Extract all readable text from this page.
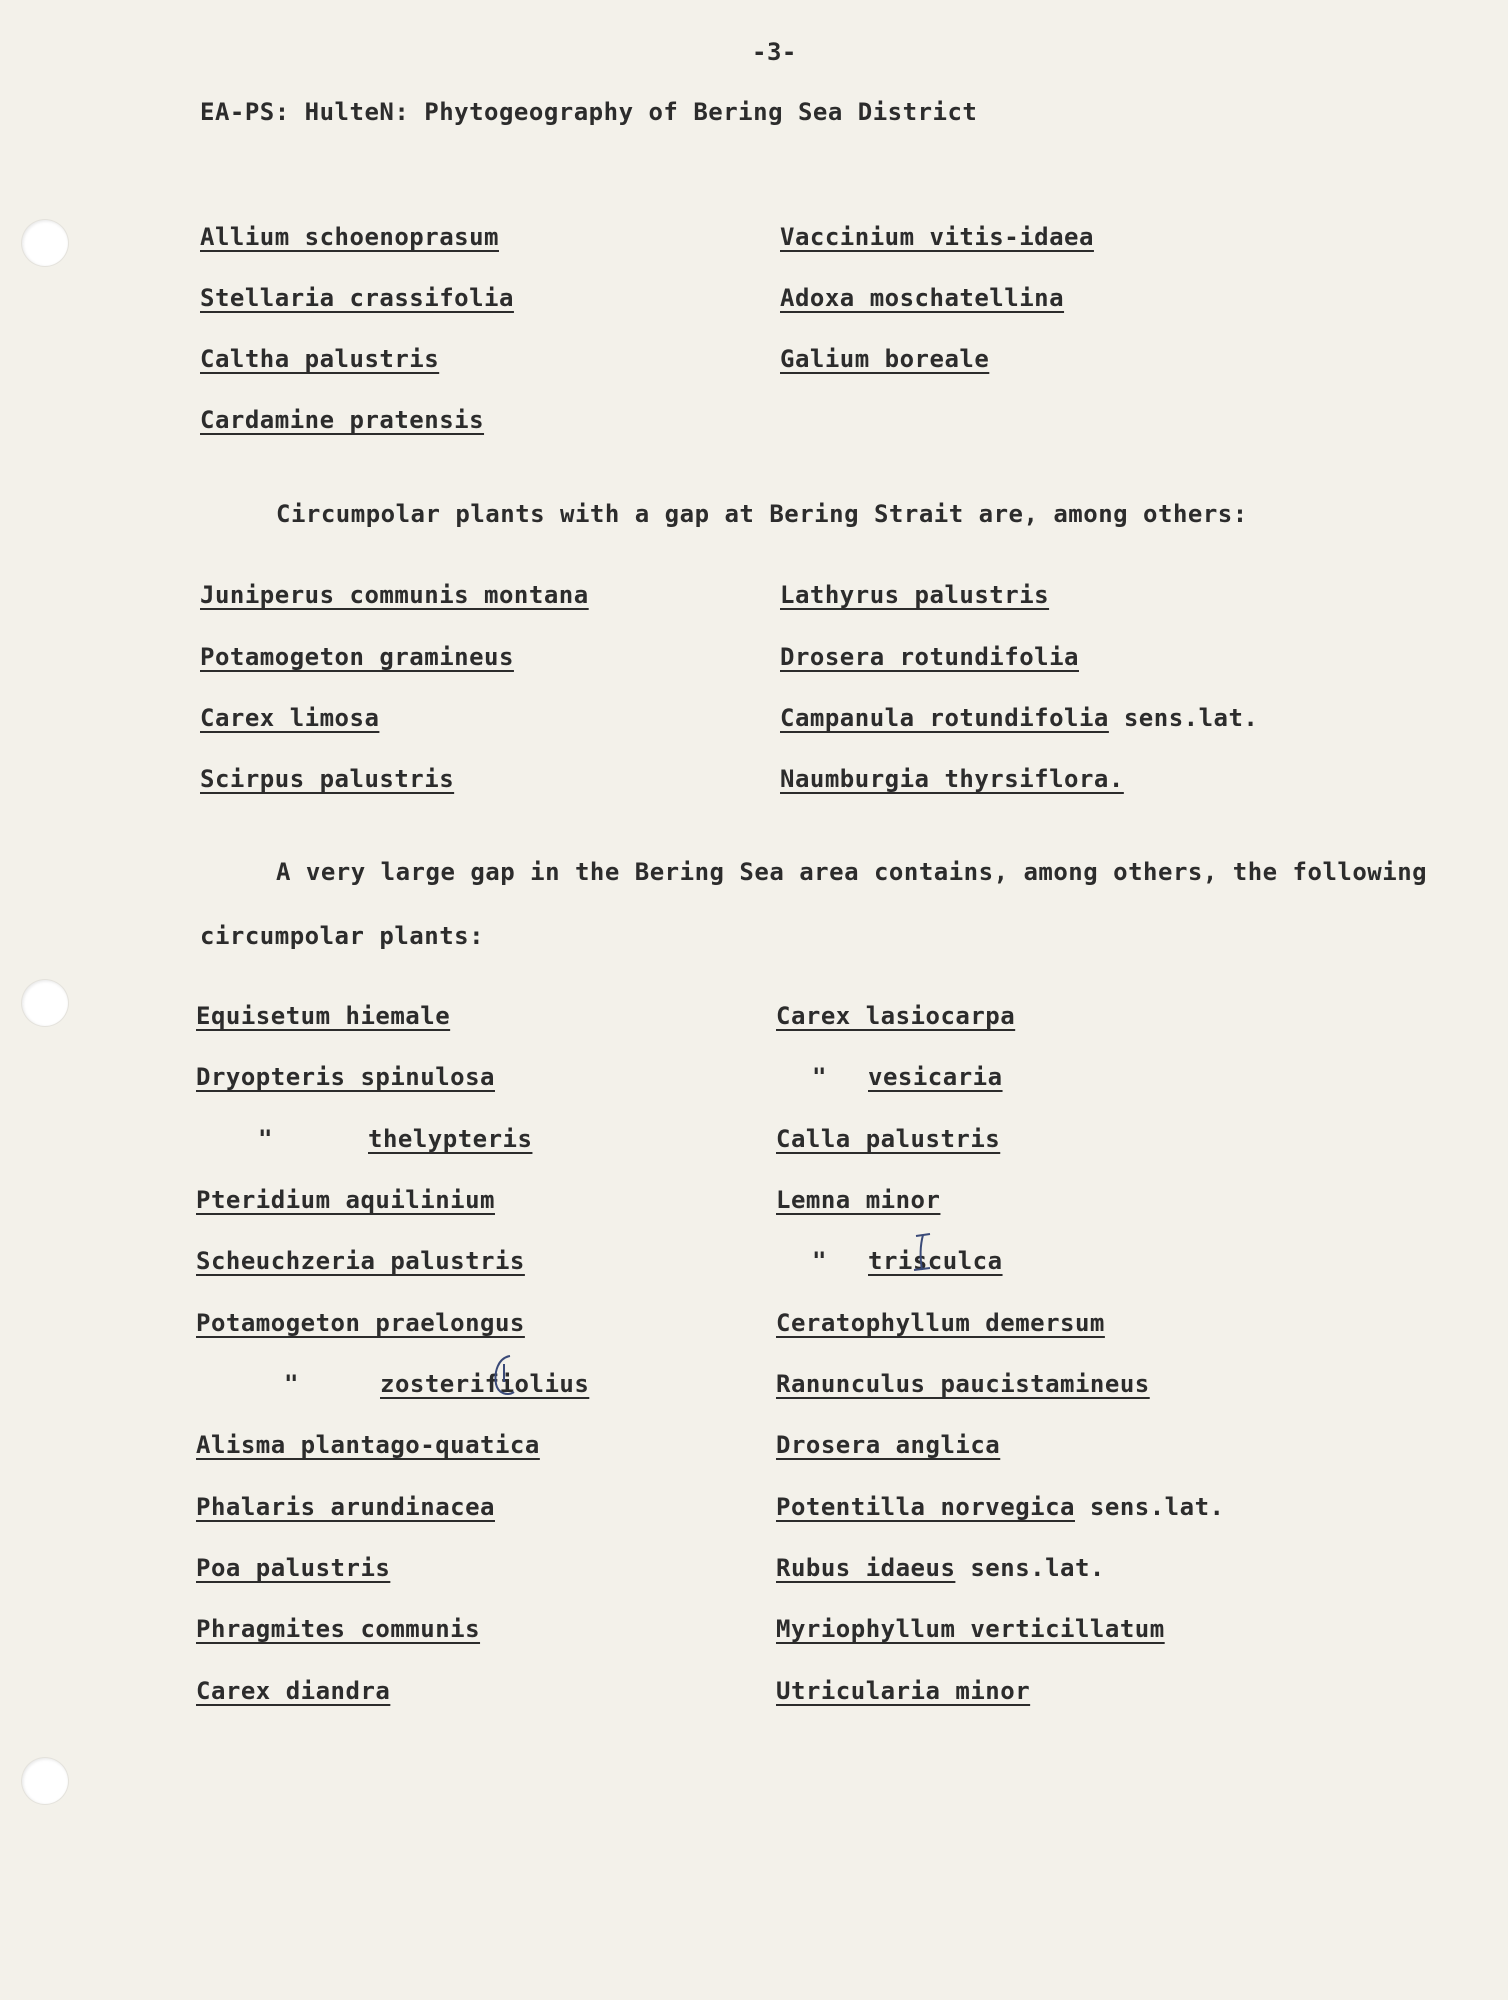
-3-
EA-PS: HulteN: Phytogeography of Bering Sea District
Allium schoenoprasum
Stellaria crassifolia
Caltha palustris
Cardamine pratensis
Vaccinium vitis-idaea
Adoxa moschatellina
Galium boreale
Circumpolar plants with a gap at Bering Strait are, among others:
Juniperus communis montana
Potamogeton gramineus
Carex limosa
Scirpus palustris
Lathyrus palustris
Drosera rotundifolia
Campanula rotundifolia sens.lat.
Naumburgia thyrsiflora.
A very large gap in the Bering Sea area contains, among others, the following circumpolar plants:
Equisetum hiemale
Dryopteris spinulosa
"	thelypteris
Pteridium aquilinium
Scheuchzeria palustris
Potamogeton praelongus
"	zosterifiolius
Alisma plantago-quatica
Phalaris arundinacea
Poa palustris
Phragmites communis
Carex diandra
Carex lasiocarpa
" vesicaria
Calla palustris
Lemna minor
" trisculca
Ceratophyllum demersum
Ranunculus paucistamineus
Drosera anglica
Potentilla norvegica sens.lat.
Rubus idaeus sens.lat.
Myriophyllum verticillatum
Utricularia minor
